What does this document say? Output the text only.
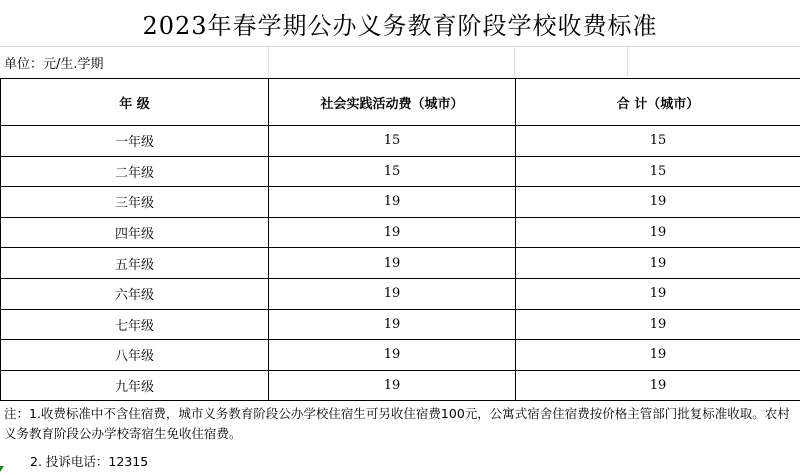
2023年春学期公办义务教育阶段学校收费标准
单位：元/生.学期
年 级	社会实践活动费（城市）	合 计（城市）
一年级	15	15
二年级	15	15
三年级	19	19
四年级	19	19
五年级	19	19
六年级	19	19
七年级	19	19
八年级	19	19
九年级	19	19
注：1.收费标准中不含住宿费，城市义务教育阶段公办学校住宿生可另收住宿费100元，公寓式宿舍住宿费按价格主管部门批复标准收取。农村义务教育阶段公办学校寄宿生免收住宿费。
2. 投诉电话：12315
